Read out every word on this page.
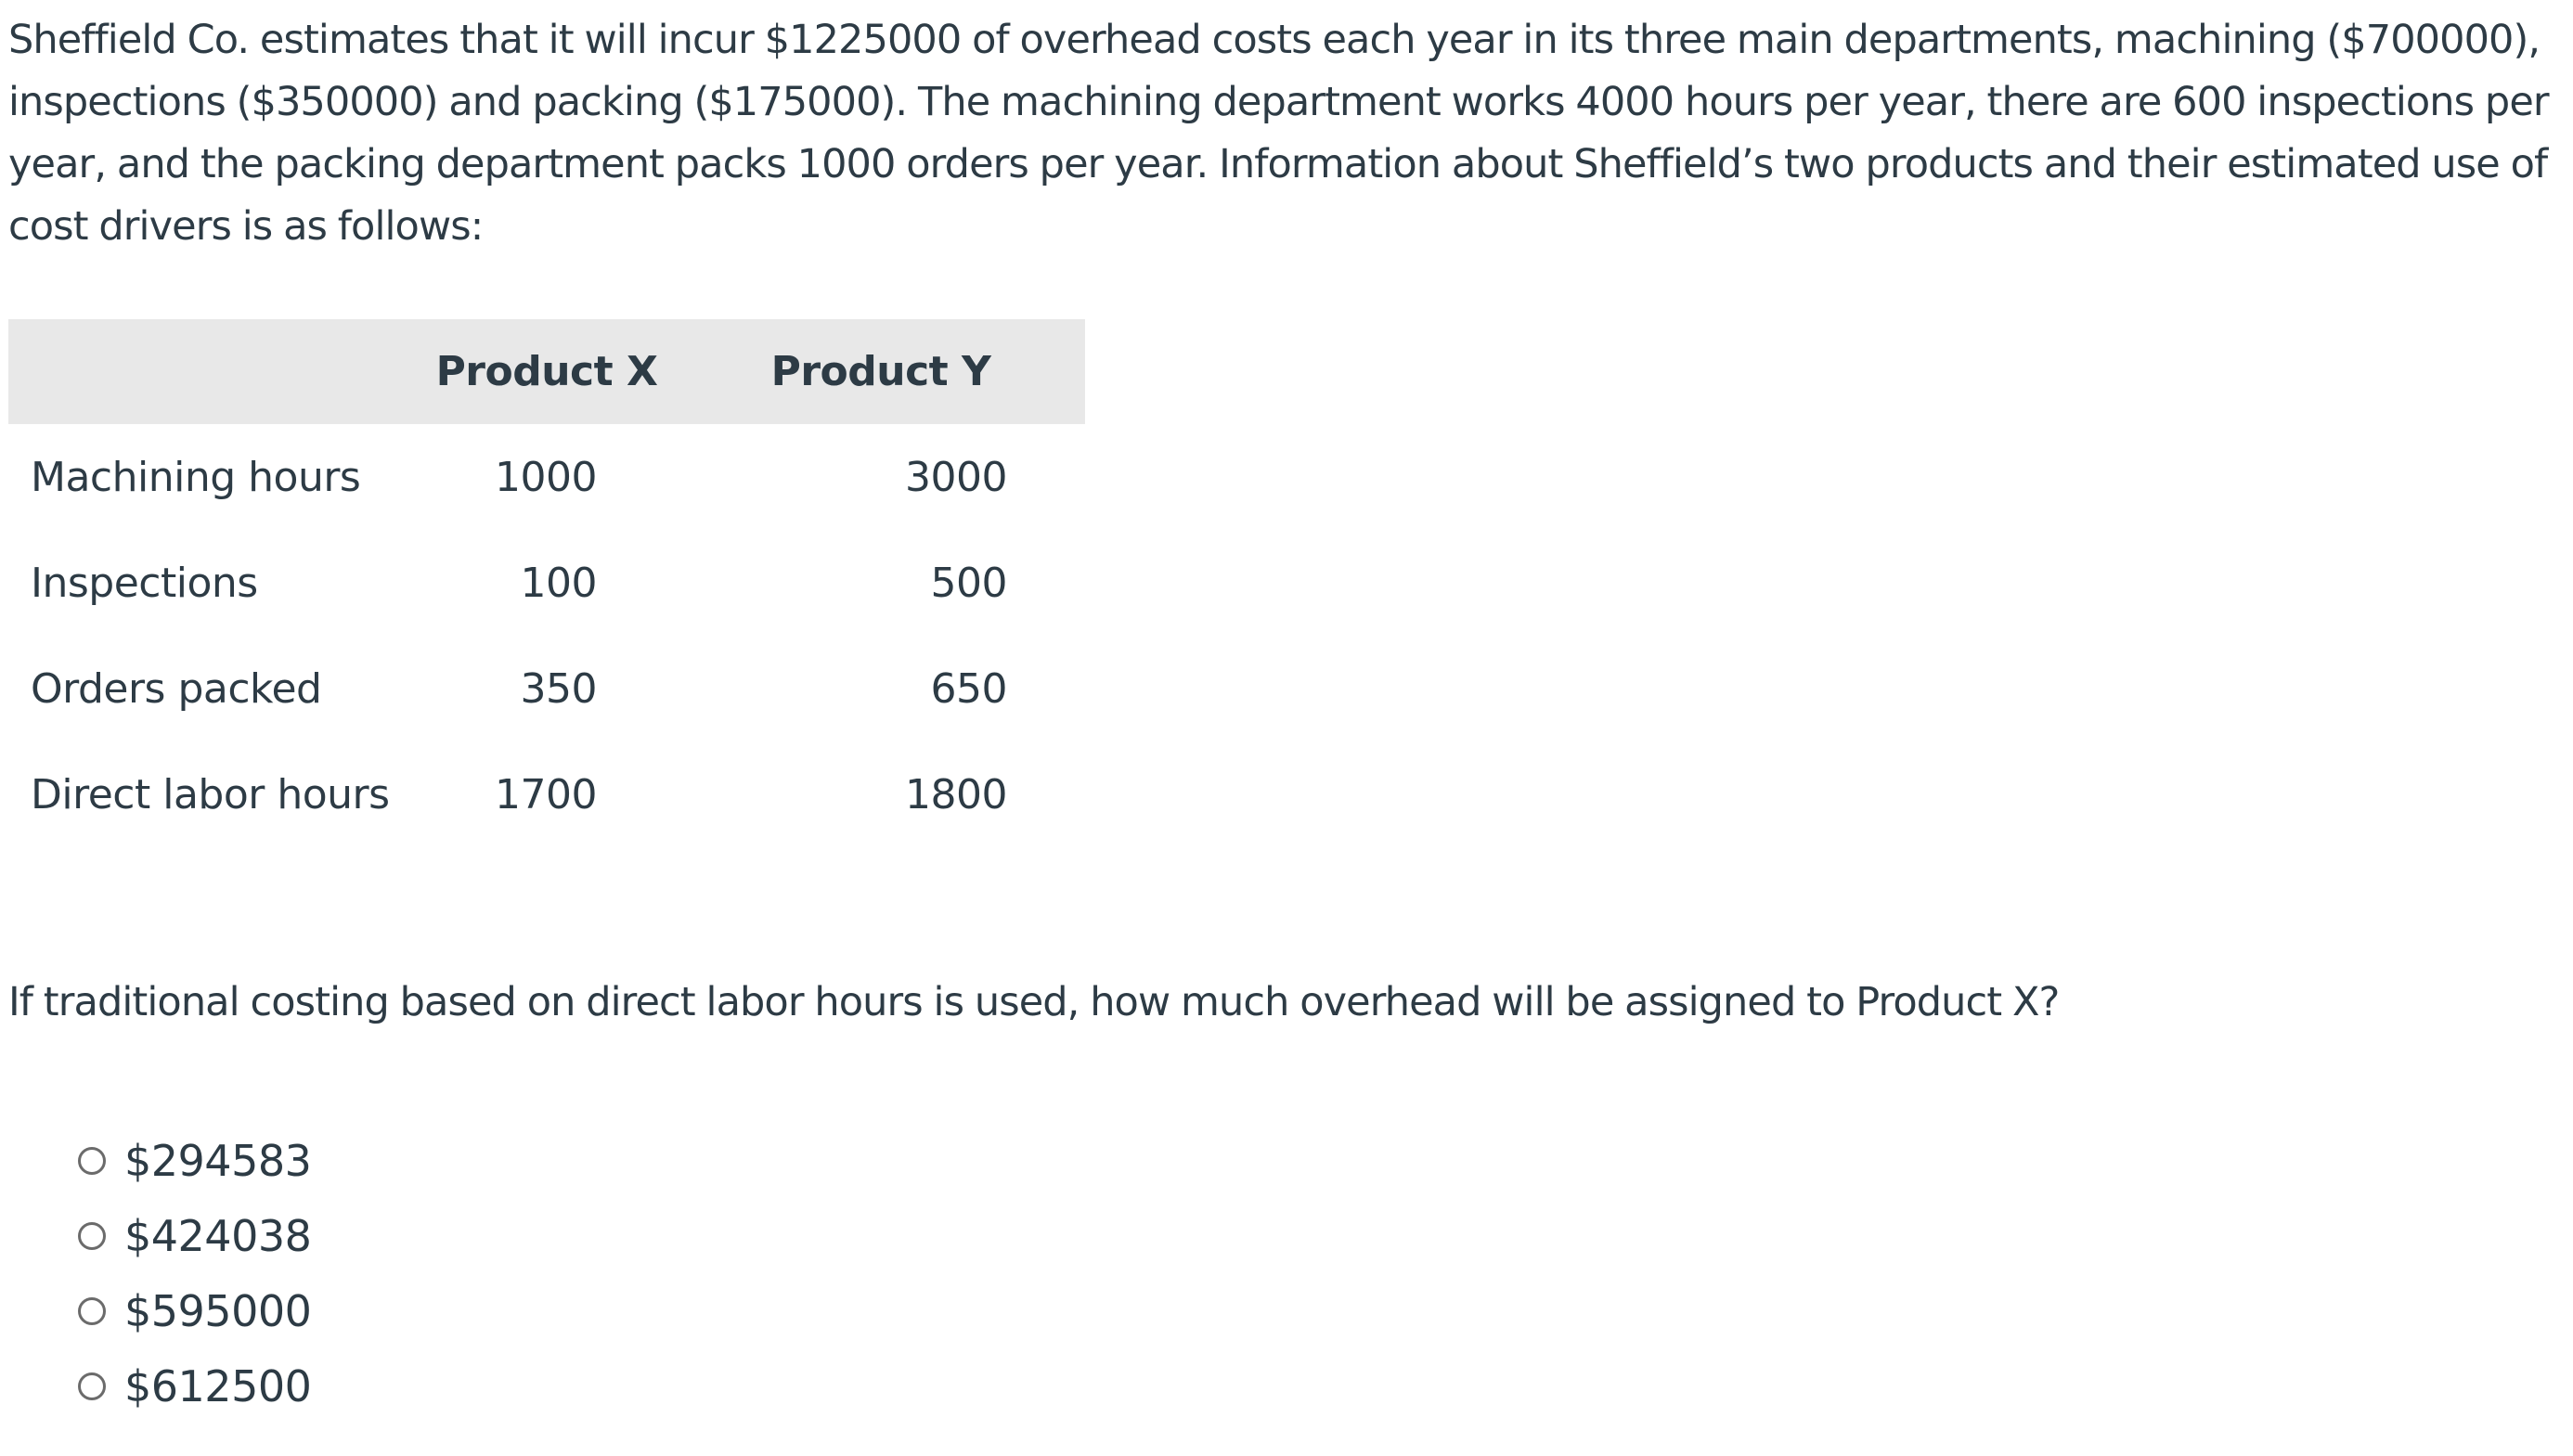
Sheffield Co. estimates that it will incur $1225000 of overhead costs each year in its three main departments, machining ($700000), inspections ($350000) and packing ($175000). The machining department works 4000 hours per year, there are 600 inspections per year, and the packing department packs 1000 orders per year. Information about Sheffield’s two products and their estimated use of cost drivers is as follows:

	Product X	Product Y
Machining hours	1000	3000
Inspections	100	500
Orders packed	350	650
Direct labor hours	1700	1800

If traditional costing based on direct labor hours is used, how much overhead will be assigned to Product X?

$294583
$424038
$595000
$612500
